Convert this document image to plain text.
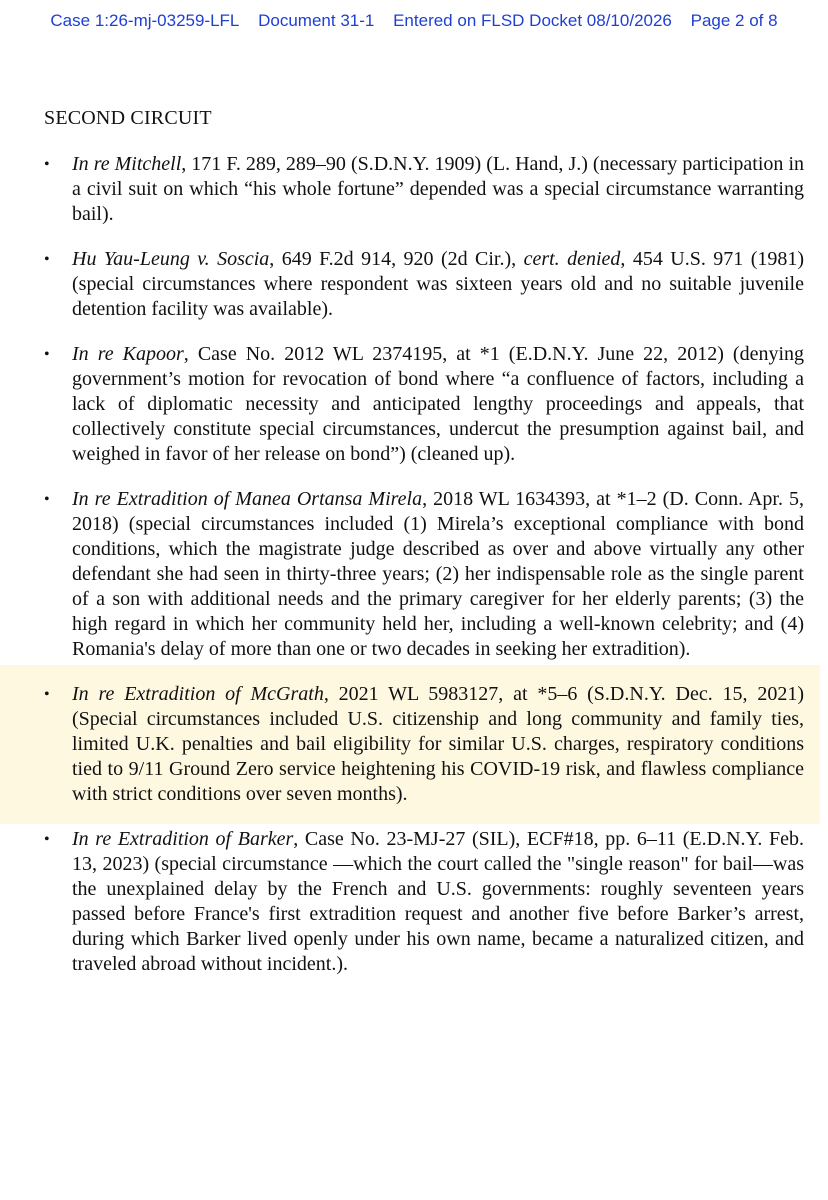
Case 1:26-mj-03259-LFL Document 31-1 Entered on FLSD Docket 08/10/2026 Page 2 of 8
SECOND CIRCUIT
• In re Mitchell, 171 F. 289, 289–90 (S.D.N.Y. 1909) (L. Hand, J.) (necessary participation in a civil suit on which “his whole fortune” depended was a special circumstance warranting bail).
• Hu Yau-Leung v. Soscia, 649 F.2d 914, 920 (2d Cir.), cert. denied, 454 U.S. 971 (1981) (special circumstances where respondent was sixteen years old and no suitable juvenile detention facility was available).
• In re Kapoor, Case No. 2012 WL 2374195, at *1 (E.D.N.Y. June 22, 2012) (denying government’s motion for revocation of bond where “a confluence of factors, including a lack of diplomatic necessity and anticipated lengthy proceedings and appeals, that collectively constitute special circumstances, undercut the presumption against bail, and weighed in favor of her release on bond”) (cleaned up).
• In re Extradition of Manea Ortansa Mirela, 2018 WL 1634393, at *1–2 (D. Conn. Apr. 5, 2018) (special circumstances included (1) Mirela’s exceptional compliance with bond conditions, which the magistrate judge described as over and above virtually any other defendant she had seen in thirty-three years; (2) her indispensable role as the single parent of a son with additional needs and the primary caregiver for her elderly parents; (3) the high regard in which her community held her, including a well-known celebrity; and (4) Romania's delay of more than one or two decades in seeking her extradition).
• In re Extradition of McGrath, 2021 WL 5983127, at *5–6 (S.D.N.Y. Dec. 15, 2021) (Special circumstances included U.S. citizenship and long community and family ties, limited U.K. penalties and bail eligibility for similar U.S. charges, respiratory conditions tied to 9/11 Ground Zero service heightening his COVID-19 risk, and flawless compliance with strict conditions over seven months).
• In re Extradition of Barker, Case No. 23-MJ-27 (SIL), ECF#18, pp. 6–11 (E.D.N.Y. Feb. 13, 2023) (special circumstance —which the court called the "single reason" for bail—was the unexplained delay by the French and U.S. governments: roughly seventeen years passed before France's first extradition request and another five before Barker’s arrest, during which Barker lived openly under his own name, became a naturalized citizen, and traveled abroad without incident.).
